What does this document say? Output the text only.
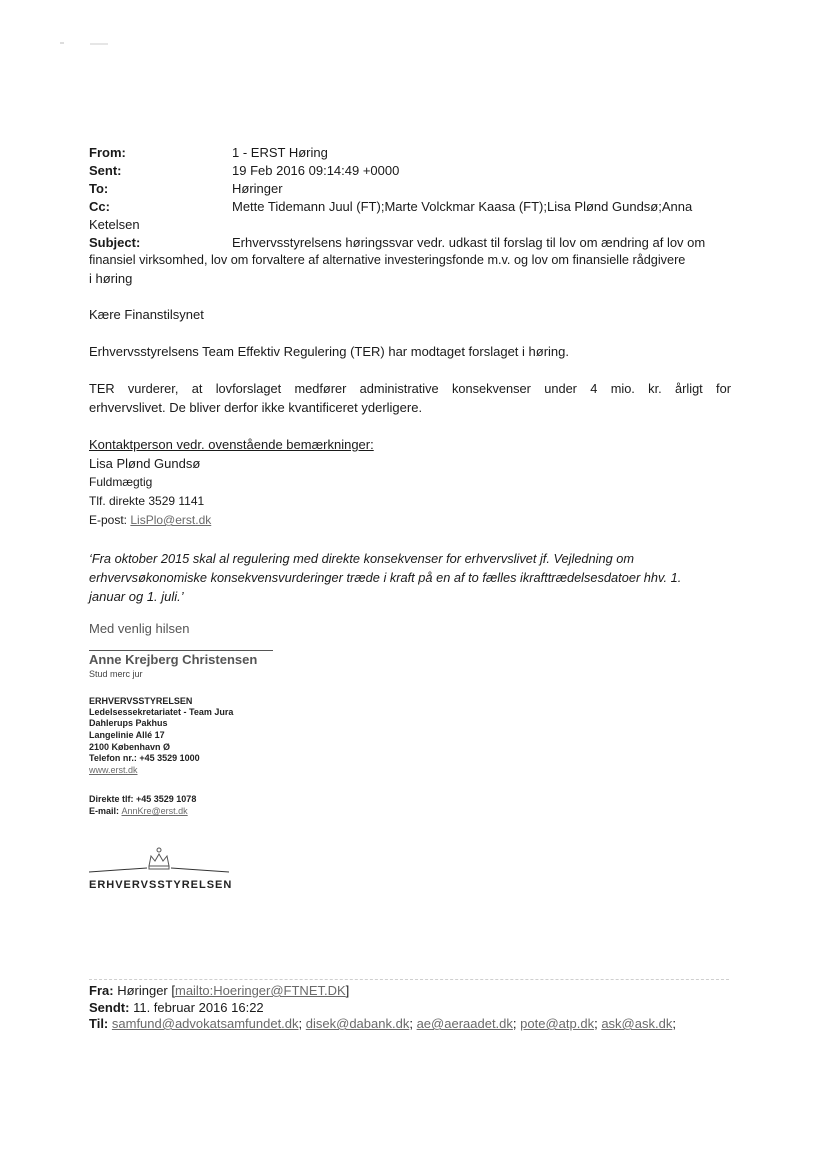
From:	1 - ERST Høring
Sent:	19 Feb 2016 09:14:49 +0000
To:	Høringer
Cc:	Mette Tidemann Juul (FT);Marte Volckmar Kaasa (FT);Lisa Plønd Gundsø;Anna
Ketelsen
Subject:	Erhvervsstyrelsens høringssvar vedr. udkast til forslag til lov om ændring af lov om
finansiel virksomhed, lov om forvaltere af alternative investeringsfonde m.v. og lov om finansielle rådgivere
i høring
Kære Finanstilsynet
Erhvervsstyrelsens Team Effektiv Regulering (TER) har modtaget forslaget i høring.
TER vurderer, at lovforslaget medfører administrative konsekvenser under 4 mio. kr. årligt for
erhvervslivet. De bliver derfor ikke kvantificeret yderligere.
Kontaktperson vedr. ovenstående bemærkninger:
Lisa Plønd Gundsø
Fuldmægtig
Tlf. direkte 3529 1141
E-post: LisPlo@erst.dk
‘Fra oktober 2015 skal al regulering med direkte konsekvenser for erhvervslivet jf. Vejledning om
erhvervsøkonomiske konsekvensvurderinger træde i kraft på en af to fælles ikrafttrædelsesdatoer hhv. 1.
januar og 1. juli.’
Med venlig hilsen
Anne Krejberg Christensen
Stud merc jur
ERHVERVSSTYRELSEN
Ledelsessekretariatet - Team Jura
Dahlerups Pakhus
Langelinie Allé 17
2100 København Ø
Telefon nr.: +45 3529 1000
www.erst.dk
Direkte tlf: +45 3529 1078
E-mail: AnnKre@erst.dk
ERHVERVSSTYRELSEN
Fra: Høringer [mailto:Hoeringer@FTNET.DK]
Sendt: 11. februar 2016 16:22
Til: samfund@advokatsamfundet.dk; disek@dabank.dk; ae@aeraadet.dk; pote@atp.dk; ask@ask.dk;
